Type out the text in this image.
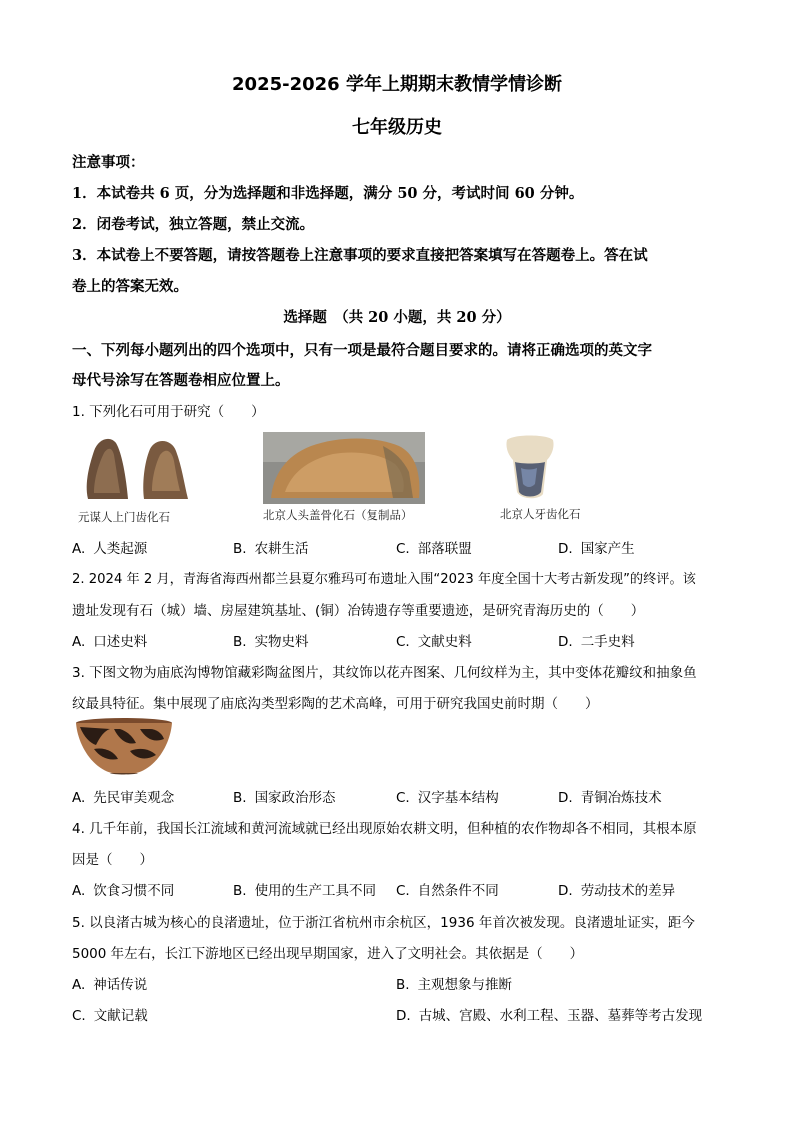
2025-2026 学年上期期末教情学情诊断
七年级历史
注意事项：
1．本试卷共 6 页，分为选择题和非选择题，满分 50 分，考试时间 60 分钟。
2．闭卷考试，独立答题，禁止交流。
3．本试卷上不要答题，请按答题卷上注意事项的要求直接把答案填写在答题卷上。答在试
卷上的答案无效。
选择题　（共 20 小题，共 20 分）
一、下列每小题列出的四个选项中，只有一项是最符合题目要求的。请将正确选项的英文字
母代号涂写在答题卷相应位置上。
1. 下列化石可用于研究（　　）
元谋人上门齿化石	北京人头盖骨化石（复制品）	北京人牙齿化石
A. 人类起源	B. 农耕生活	C. 部落联盟	D. 国家产生
2. 2024 年 2 月，青海省海西州都兰县夏尔雅玛可布遗址入围“2023 年度全国十大考古新发现”的终评。该
遗址发现有石（城）墙、房屋建筑基址、(铜）冶铸遗存等重要遗迹，是研究青海历史的（　　）
A. 口述史料	B. 实物史料	C. 文献史料	D. 二手史料
3. 下图文物为庙底沟博物馆藏彩陶盆图片，其纹饰以花卉图案、几何纹样为主，其中变体花瓣纹和抽象鱼
纹最具特征。集中展现了庙底沟类型彩陶的艺术高峰，可用于研究我国史前时期（　　）
A. 先民审美观念	B. 国家政治形态	C. 汉字基本结构	D. 青铜冶炼技术
4. 几千年前，我国长江流域和黄河流域就已经出现原始农耕文明，但种植的农作物却各不相同，其根本原
因是（　　）
A. 饮食习惯不同	B. 使用的生产工具不同 C. 自然条件不同	D. 劳动技术的差异
5. 以良渚古城为核心的良渚遗址，位于浙江省杭州市余杭区，1936 年首次被发现。良渚遗址证实，距今
5000 年左右，长江下游地区已经出现早期国家，进入了文明社会。其依据是（　　）
A. 神话传说	B. 主观想象与推断
C. 文献记载	D. 古城、宫殿、水利工程、玉器、墓葬等考古发现
